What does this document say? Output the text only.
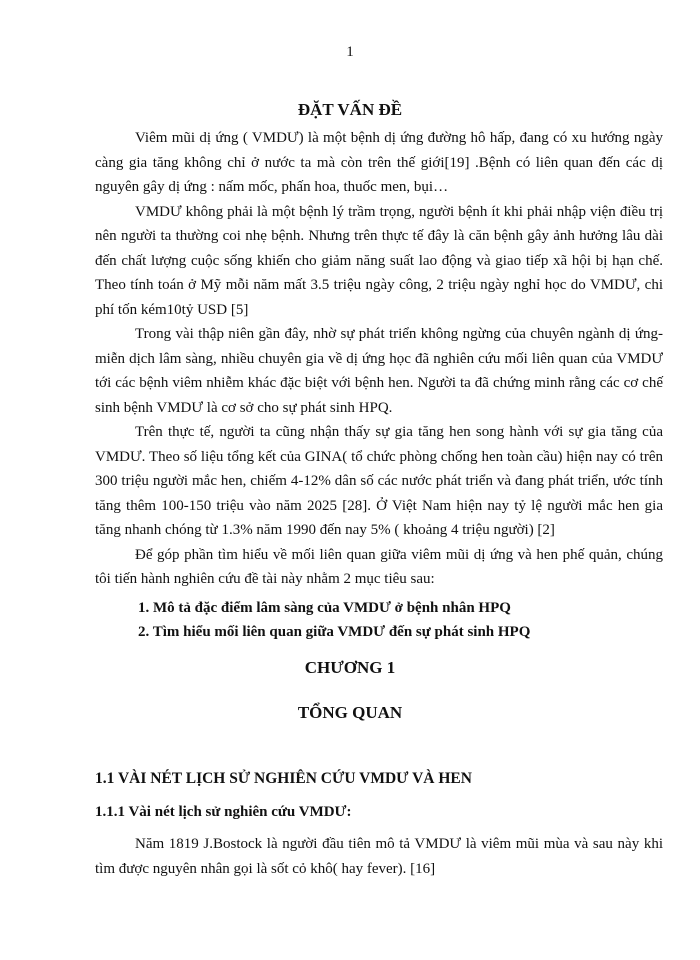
1
ĐẶT VẤN ĐỀ

Viêm mũi dị ứng ( VMDƯ) là một bệnh dị ứng đường hô hấp, đang có xu hướng ngày càng gia tăng không chỉ ở nước ta mà còn trên thế giới[19] .Bệnh có liên quan đến các dị nguyên gây dị ứng : nấm mốc, phấn hoa, thuốc men, bụi…

VMDƯ không phải là một bệnh lý trầm trọng, người bệnh ít khi phải nhập viện điều trị nên người ta thường coi nhẹ bệnh. Nhưng trên thực tế đây là căn bệnh gây ảnh hưởng lâu dài đến chất lượng cuộc sống khiến cho giảm năng suất lao động và giao tiếp xã hội bị hạn chế. Theo tính toán ở Mỹ mỗi năm mất 3.5 triệu ngày công, 2 triệu ngày nghỉ học do VMDƯ, chi phí tốn kém10tỷ USD [5]

Trong vài thập niên gần đây, nhờ sự phát triển không ngừng của chuyên ngành dị ứng-miễn dịch lâm sàng, nhiều chuyên gia về dị ứng học đã nghiên cứu mối liên quan của VMDƯ tới các bệnh viêm nhiễm khác đặc biệt với bệnh hen. Người ta đã chứng minh rằng các cơ chế sinh bệnh VMDƯ là cơ sở cho sự phát sinh HPQ.

Trên thực tế, người ta cũng nhận thấy sự gia tăng hen song hành với sự gia tăng của VMDƯ. Theo số liệu tổng kết của GINA( tổ chức phòng chống hen toàn cầu) hiện nay có trên 300 triệu người mắc hen, chiếm 4-12% dân số các nước phát triển và đang phát triển, ước tính tăng thêm 100-150 triệu vào năm 2025 [28]. Ở Việt Nam hiện nay tỷ lệ người mắc hen gia tăng nhanh chóng từ 1.3% năm 1990 đến nay 5% ( khoảng 4 triệu người) [2]

Để góp phần tìm hiểu về mối liên quan giữa viêm mũi dị ứng và hen phế quản, chúng tôi tiến hành nghiên cứu đề tài này nhằm 2 mục tiêu sau:

1. Mô tả đặc điểm lâm sàng của VMDƯ ở bệnh nhân HPQ
2. Tìm hiểu mối liên quan giữa VMDƯ đến sự phát sinh HPQ
CHƯƠNG 1
TỔNG QUAN
1.1 VÀI NÉT LỊCH SỬ NGHIÊN CỨU VMDƯ VÀ HEN
1.1.1 Vài nét lịch sử nghiên cứu VMDƯ:

Năm 1819 J.Bostock là người đầu tiên mô tả VMDƯ là viêm mũi mùa và sau này khi tìm được nguyên nhân gọi là sốt cỏ khô( hay fever). [16]
